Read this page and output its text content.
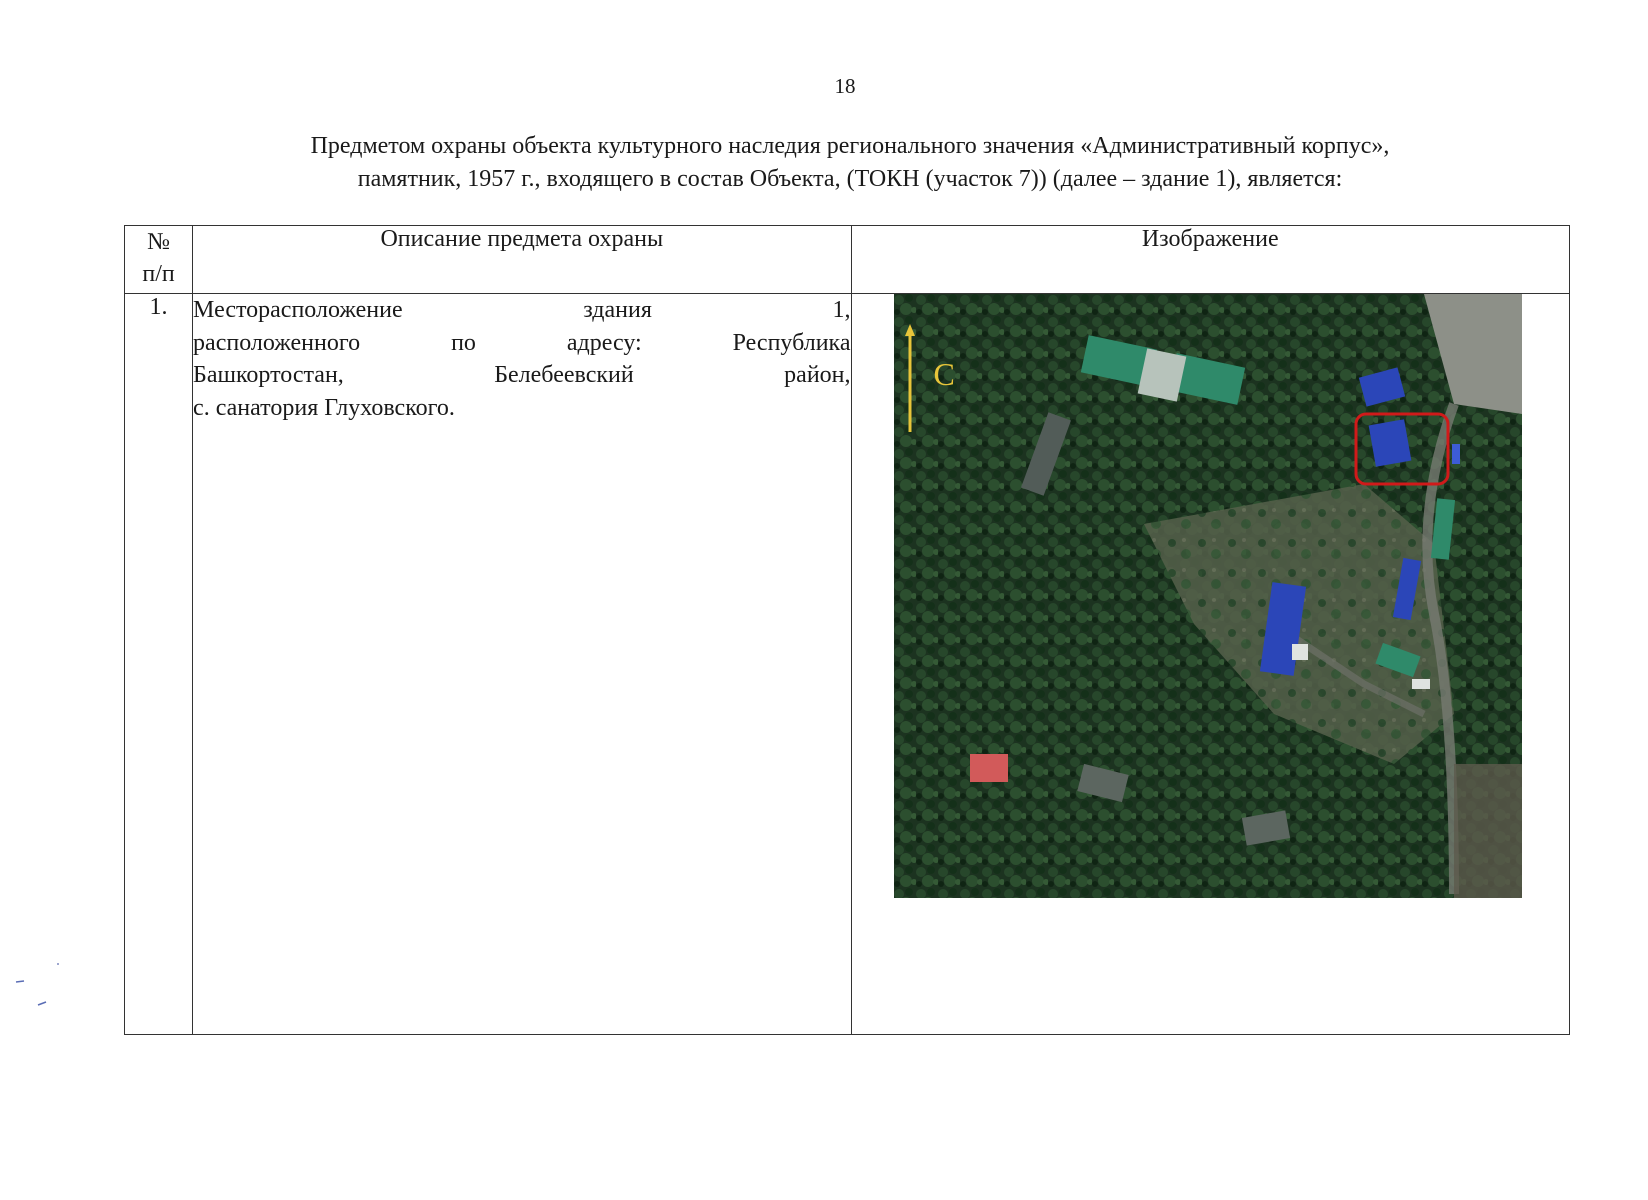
18
Предметом охраны объекта культурного наследия регионального значения «Административный корпус»,
памятник, 1957 г., входящего в состав Объекта, (ТОКН (участок 7)) (далее – здание 1), является:
№
п/п	Описание предмета охраны	Изображение
1.	Месторасположение здания 1,
расположенного по адресу: Республика
Башкортостан, Белебеевский район,
с. санатория Глуховского.	С
